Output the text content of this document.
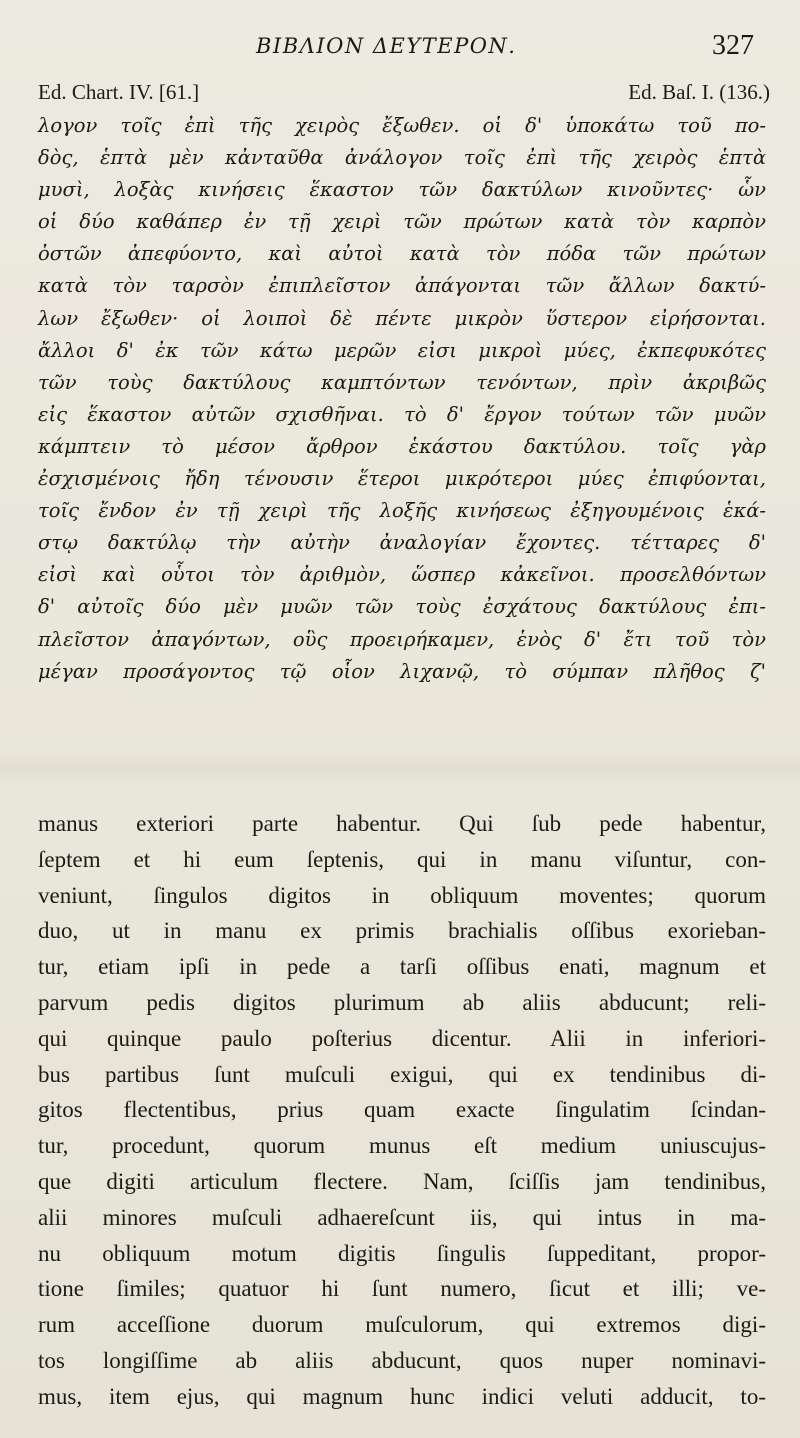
ΒΙΒΛΙΟΝ ΔΕΥΤΕΡΟΝ.	327
Ed. Chart. IV. [61.]	Ed. Baſ. I. (136.)
λογον τοῖς ἐπὶ τῆς χειρὸς ἔξωθεν. οἱ δ' ὑποκάτω τοῦ πο-
δὸς, ἑπτὰ μὲν κἀνταῦθα ἀνάλογον τοῖς ἐπὶ τῆς χειρὸς ἑπτὰ
μυσὶ, λοξὰς κινήσεις ἕκαστον τῶν δακτύλων κινοῦντες· ὧν
οἱ δύο καθάπερ ἐν τῇ χειρὶ τῶν πρώτων κατὰ τὸν καρπὸν
ὀστῶν ἀπεφύοντο, καὶ αὐτοὶ κατὰ τὸν πόδα τῶν πρώτων
κατὰ τὸν ταρσὸν ἐπιπλεῖστον ἀπάγονται τῶν ἄλλων δακτύ-
λων ἔξωθεν· οἱ λοιποὶ δὲ πέντε μικρὸν ὕστερον εἰρήσονται.
ἄλλοι δ' ἐκ τῶν κάτω μερῶν εἰσι μικροὶ μύες, ἐκπεφυκότες
τῶν τοὺς δακτύλους καμπτόντων τενόντων, πρὶν ἀκριβῶς
εἰς ἕκαστον αὐτῶν σχισθῆναι. τὸ δ' ἔργον τούτων τῶν μυῶν
κάμπτειν τὸ μέσον ἄρθρον ἑκάστου δακτύλου. τοῖς γὰρ
ἐσχισμένοις ἤδη τένουσιν ἕτεροι μικρότεροι μύες ἐπιφύονται,
τοῖς ἔνδον ἐν τῇ χειρὶ τῆς λοξῆς κινήσεως ἐξηγουμένοις ἑκά-
στῳ δακτύλῳ τὴν αὐτὴν ἀναλογίαν ἔχοντες. τέτταρες δ'
εἰσὶ καὶ οὗτοι τὸν ἀριθμὸν, ὥσπερ κἀκεῖνοι. προσελθόντων
δ' αὐτοῖς δύο μὲν μυῶν τῶν τοὺς ἐσχάτους δακτύλους ἐπι-
πλεῖστον ἀπαγόντων, οὓς προειρήκαμεν, ἑνὸς δ' ἔτι τοῦ τὸν
μέγαν προσάγοντος τῷ οἷον λιχανῷ, τὸ σύμπαν πλῆθος ζ'
manus exteriori parte habentur. Qui ſub pede habentur,
ſeptem et hi eum ſeptenis, qui in manu viſuntur, con-
veniunt, ſingulos digitos in obliquum moventes; quorum
duo, ut in manu ex primis brachialis oſſibus exorieban-
tur, etiam ipſi in pede a tarſi oſſibus enati, magnum et
parvum pedis digitos plurimum ab aliis abducunt; reli-
qui quinque paulo poſterius dicentur. Alii in inferiori-
bus partibus ſunt muſculi exigui, qui ex tendinibus di-
gitos flectentibus, prius quam exacte ſingulatim ſcindan-
tur, procedunt, quorum munus eſt medium uniuscujus-
que digiti articulum flectere. Nam, ſciſſis jam tendinibus,
alii minores muſculi adhaereſcunt iis, qui intus in ma-
nu obliquum motum digitis ſingulis ſuppeditant, propor-
tione ſimiles; quatuor hi ſunt numero, ſicut et illi; ve-
rum acceſſione duorum muſculorum, qui extremos digi-
tos longiſſime ab aliis abducunt, quos nuper nominavi-
mus, item ejus, qui magnum hunc indici veluti adducit, to-
